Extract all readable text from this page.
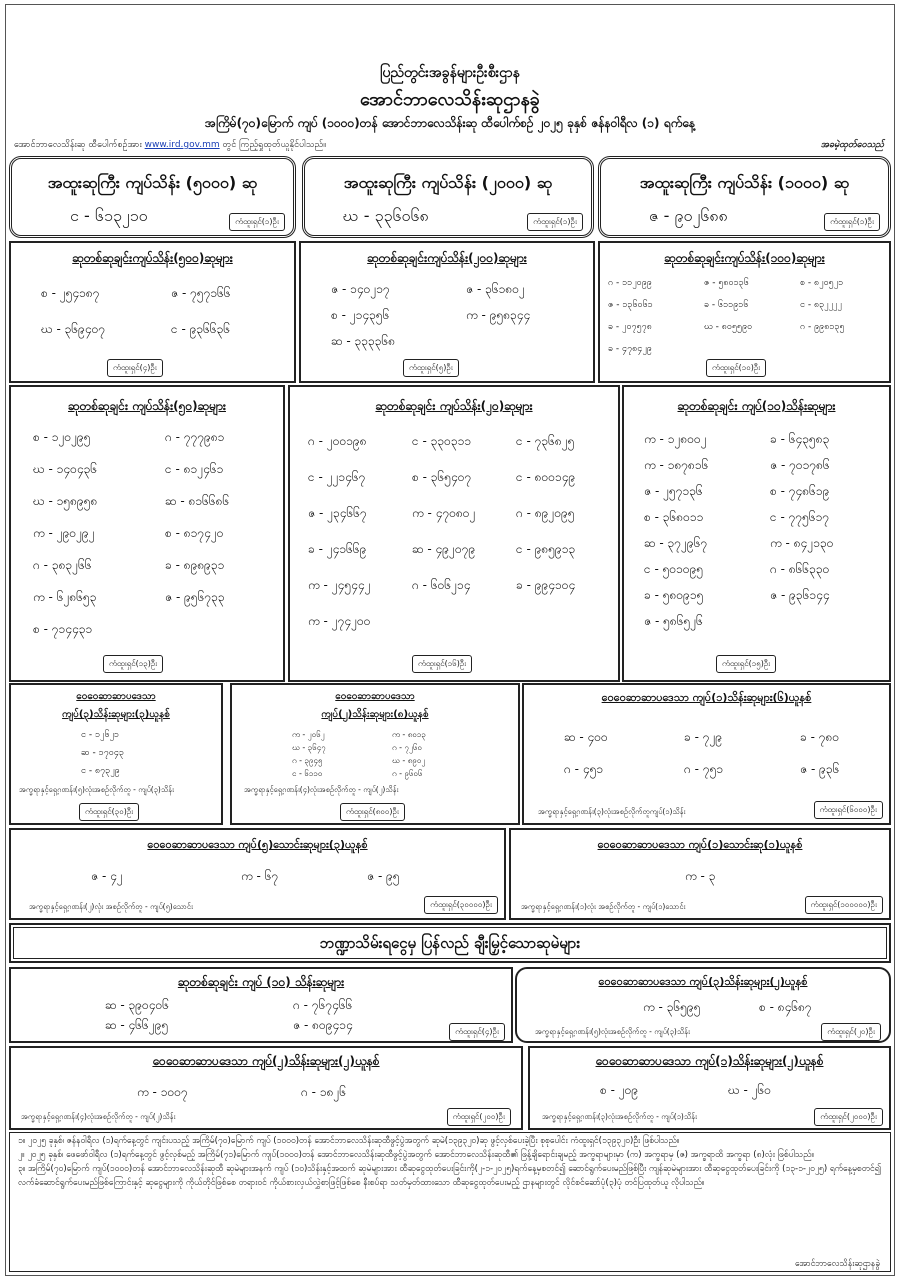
ပြည်တွင်းအခွန်များဦးစီးဌာန
အောင်ဘာလေသိန်းဆုဌာနခွဲ
အကြိမ်(၇၀)မြောက် ကျပ် (၁၀၀၀)တန် အောင်ဘာလေသိန်းဆု ထီပေါက်စဉ် ၂၀၂၅ ခုနှစ် ဇန်နဝါရီလ (၁) ရက်နေ့
အောင်ဘာလေသိန်းဆု ထီပေါက်စဉ်အား www.ird.gov.mm တွင် ကြည့်ရှုထုတ်ယူနိုင်ပါသည်။	အခမဲ့ထုတ်ဝေသည်
အထူးဆုကြီး ကျပ်သိန်း (၅၀၀၀) ဆု
င - ၆၁၃၂၁၀	ကံထူးရှင်(၁)ဦး
အထူးဆုကြီး ကျပ်သိန်း (၂၀၀၀) ဆု
ဃ - ၃၃၆၀၆၈	ကံထူးရှင်(၁)ဦး
အထူးဆုကြီး ကျပ်သိန်း (၁၀၀၀) ဆု
ဇ - ၉၀၂၆၈၈	ကံထူးရှင်(၁)ဦး
ဆုတစ်ဆုချင်းကျပ်သိန်း(၅၀၀)ဆုများ
စ - ၂၅၄၁၈၇	ဇ - ၇၅၇၁၆၆
ဃ - ၃၆၉၄၀၇	င - ၉၃၆၆၃၆
ကံထူးရှင်(၄)ဦး
ဆုတစ်ဆုချင်းကျပ်သိန်း(၂၀၀)ဆုများ
ဇ - ၁၄၀၂၁၇	ဇ - ၃၆၁၈၀၂
စ - ၂၁၄၃၅၆	က - ၉၅၈၃၄၄
ဆ - ၃၃၃၃၆၈
ကံထူးရှင်(၅)ဦး
ဆုတစ်ဆုချင်းကျပ်သိန်း(၁၀၀)ဆုများ
ဂ - ၁၁၂၀၉၉	ဇ - ၅၈၀၁၃၆	စ - ၈၂၀၅၂၁
ဇ - ၁၃၆၀၆၁	ခ - ၆၁၁၉၁၆	င - ၈၃၂၂၂၂
ခ - ၂၀၇၅၇၈	ဃ - ၈၀၅၅၉၀	ဂ - ၉၉၈၁၃၅
ခ - ၄၇၈၄၂၉
ကံထူးရှင်(၁၀)ဦး
ဆုတစ်ဆုချင်း ကျပ်သိန်း(၅၀)ဆုများ
စ - ၁၂၀၂၉၅	ဂ - ၇၇၇၉၈၁
ဃ - ၁၄၀၄၃၆	င - ၈၁၂၄၆၁
ဃ - ၁၅၈၉၅၈	ဆ - ၈၁၆၆၈၆
က - ၂၉၀၂၉၂	စ - ၈၁၇၄၂၀
ဂ - ၃၈၃၂၆၆	ခ - ၈၉၈၉၃၁
က - ၆၂၈၆၅၃	ဇ - ၉၅၆၇၃၃
စ - ၇၁၄၄၃၁
ကံထူးရှင်(၁၃)ဦး
ဆုတစ်ဆုချင်း ကျပ်သိန်း(၂၀)ဆုများ
ဂ - ၂၀၀၁၉၈	င - ၃၃၀၃၁၁	င - ၇၃၆၈၂၅
င - ၂၂၁၄၆၇	စ - ၃၆၅၄၀၇	င - ၈၀၀၁၄၉
ဇ - ၂၃၄၆၆၇	က - ၄၇၀၈၀၂	ဂ - ၈၉၂၀၉၅
ခ - ၂၄၁၆၆၉	ဆ - ၄၉၂၀၇၉	င - ၉၈၅၉၁၃
က - ၂၄၅၄၄၂	ဂ - ၆၀၆၂၁၄	ခ - ၉၉၄၁၀၄
က - ၂၇၄၂၀၀
ကံထူးရှင်(၁၆)ဦး
ဆုတစ်ဆုချင်း ကျပ်(၁၀)သိန်းဆုများ
က - ၁၂၈၀၀၂	ခ - ၆၄၃၅၈၃
က - ၁၈၇၈၁၆	ဇ - ၇၀၁၇၈၆
ဇ - ၂၅၇၁၃၆	စ - ၇၄၈၆၁၉
စ - ၃၆၈၀၁၁	င - ၇၇၅၆၁၇
ဆ - ၃၇၂၉၆၇	က - ၈၄၂၁၃၀
င - ၅၀၁၀၉၅	ဂ - ၈၆၆၃၃၀
ခ - ၅၈၀၉၁၅	ဇ - ၉၃၆၁၄၄
ဇ - ၅၈၆၅၂၆
ကံထူးရှင်(၁၅)ဦး
ဝေဝေဆာဆာပဒေသာ
ကျပ်(၃)သိန်းဆုများ(၃)ယူနစ်
င - ၁၂၆၂၁
ဆ - ၁၇၀၄၃
င - ၈၇၃၂၉
အက္ခရာနှင့်ရှေ့ဂဏန်း(၅)လုံးအစဉ်လိုက်တူ - ကျပ်(၃)သိန်း
ကံထူးရှင်(၃၀)ဦး
ဝေဝေဆာဆာပဒေသာ
ကျပ်(၂)သိန်းဆုများ(၈)ယူနစ်
က - ၂၀၆၂	က - ၈၀၁၃
ဃ - ၃၆၄၇	ဂ - ၇၂၆၀
ဂ - ၃၉၄၅	ဃ - ၈၉၀၂
င - ၆၁၁၀	ဂ - ၉၆၀၆
အက္ခရာနှင့်ရှေ့ဂဏန်း(၄)လုံးအစဉ်လိုက်တူ - ကျပ်(၂)သိန်း
ကံထူးရှင်(၈၀၀)ဦး
ဝေဝေဆာဆာပဒေသာ ကျပ်(၁)သိန်းဆုများ(၆)ယူနစ်
ဆ - ၄၀၀	ခ - ၇၂၉	ခ - ၇၈၀
ဂ - ၄၅၁	ဂ - ၇၅၁	ဇ - ၉၃၆
အက္ခရာနှင့်ရှေ့ဂဏန်း(၃)လုံးအစဉ်လိုက်တူကျပ်(၁)သိန်း	ကံထူးရှင်(၆၀၀၀)ဦး
ဝေဝေဆာဆာပဒေသာ ကျပ်(၅)သောင်းဆုများ(၃)ယူနစ်
ဇ - ၄၂	က - ၆၇	ဇ - ၉၅
အက္ခရာနှင့်ရှေ့ဂဏန်း(၂)လုံး အစဉ်လိုက်တူ - ကျပ်(၅)သောင်း	ကံထူးရှင်(၃၀၀၀၀)ဦး
ဝေဝေဆာဆာပဒေသာ ကျပ်(၁)သောင်းဆု(၁)ယူနစ်
က - ၃
အက္ခရာနှင့်ရှေ့ဂဏန်း(၁)လုံး အစဉ်လိုက်တူ - ကျပ်(၁)သောင်း	ကံထူးရှင်(၁၀၀၀၀၀)ဦး
ဘဏ္ဍာသိမ်းရငွေမှ ပြန်လည် ချီးမြှင့်သောဆုမဲများ
ဆုတစ်ဆုချင်း ကျပ် (၁၀) သိန်းဆုများ
ဆ - ၃၉၀၄၀၆	ဂ - ၇၆၇၄၆၆
ဆ - ၄၆၆၂၉၅	ဇ - ၈၀၉၄၁၄	ကံထူးရှင်(၄)ဦး
ဝေဝေဆာဆာပဒေသာ ကျပ်(၃)သိန်းဆုများ(၂)ယူနစ်
က - ၃၆၅၉၅	စ - ၈၄၆၈၇
အက္ခရာနှင့်ရှေ့ဂဏန်း(၅)လုံးအစဉ်လိုက်တူ - ကျပ်(၃)သိန်း	ကံထူးရှင်(၂၀)ဦး
ဝေဝေဆာဆာပဒေသာ ကျပ်(၂)သိန်းဆုများ(၂)ယူနစ်
က - ၁၀၀၇	ဂ - ၁၈၂၆
အက္ခရာနှင့်ရှေ့ဂဏန်း(၄)လုံးအစဉ်လိုက်တူ - ကျပ်(၂)သိန်း	ကံထူးရှင်(၂၀၀)ဦး
ဝေဝေဆာဆာပဒေသာ ကျပ်(၁)သိန်းဆုများ(၂)ယူနစ်
စ - ၂၀၉	ဃ - ၂၆၀
အက္ခရာနှင့်ရှေ့ဂဏန်း(၃)လုံးအစဉ်လိုက်တူ - ကျပ်(၁)သိန်း	ကံထူးရှင်(၂၀၀၀)ဦး

၁။ ၂၀၂၅ ခုနှစ်၊ ဇန်နဝါရီလ (၁)ရက်နေ့တွင် ကျင်းပသည့် အကြိမ်(၇၀)မြောက် ကျပ် (၁၀၀၀)တန် အောင်ဘာလေသိန်းဆုထီဖွင့်ပွဲအတွက် ဆုမဲ(၁၃၉၃၂၀)ဆု ဖွင့်လှစ်ပေးခဲ့ပြီး စုစုပေါင်း ကံထူးရှင်(၁၃၉၃၂၀)ဦး ဖြစ်ပါသည်။

၂။ ၂၀၂၅ ခုနှစ်၊ ဖေဖော်ဝါရီလ (၁)ရက်နေ့တွင် ဖွင့်လှစ်မည့် အကြိမ်(၇၁)မြောက် ကျပ်(၁၀၀၀)တန် အောင်ဘာလေသိန်းဆုထီဖွင့်ပွဲအတွက် အောင်ဘာလေသိန်းဆုထီ၏ ဖြန့်ချိရောင်းချမည့် အက္ခရာများမှာ (က) အက္ခရာမှ (ဇ) အက္ခရာထိ အက္ခရာ (၈)လုံး ဖြစ်ပါသည်။

၃။ အကြိမ်(၇၀)မြောက် ကျပ်(၁၀၀၀)တန် အောင်ဘာလေသိန်းဆုထီ ဆုမဲများအနက် ကျပ် (၁၀)သိန်းနှင့်အထက် ဆုမဲများအား ထီဆုငွေထုတ်ပေးခြင်းကို(၂-၁-၂၀၂၅)ရက်နေ့မှစတင်၍ ဆောင်ရွက်ပေးမည်ဖြစ်ပြီး ကျန်ဆုမဲများအား ထီဆုငွေထုတ်ပေးခြင်းကို (၁၃-၁-၂၀၂၅) ရက်နေ့မှစတင်၍ လက်ခံဆောင်ရွက်ပေးမည်ဖြစ်ကြောင်းနှင့် ဆုငွေများကို ကိုယ်တိုင်ဖြစ်စေ တရားဝင် ကိုယ်စားလှယ်လွှဲစာဖြင့်ဖြစ်စေ နီးစပ်ရာ သတ်မှတ်ထားသော ထီဆုငွေထုတ်ပေးမည့် ဌာနများတွင် လိုင်စင်ဆော်ပုံ(၃)ပုံ တင်ပြထုတ်ယူ လိုပါသည်။

အောင်ဘာလေသိန်းဆုဌာနခွဲ
